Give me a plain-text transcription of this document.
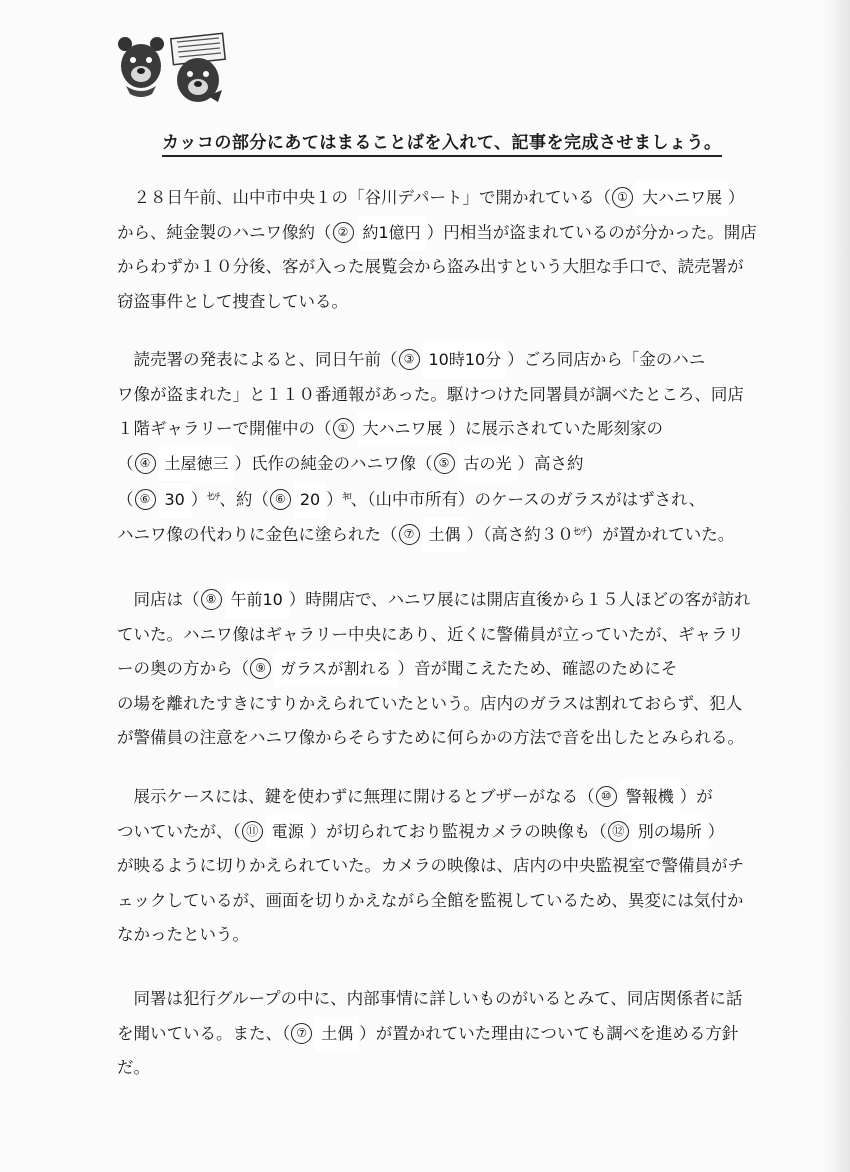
カッコの部分にあてはまることばを入れて、記事を完成させましょう。
　２８日午前、山中市中央１の「谷川デパート」で開かれている（ ① 大ハニワ展 ）
から、純金製のハニワ像約（ ② 約1億円 ）円相当が盗まれているのが分かった。開店
からわずか１０分後、客が入った展覧会から盗み出すという大胆な手口で、読売署が
窃盗事件として捜査している。
　読売署の発表によると、同日午前（ ③ 10時10分 ）ごろ同店から「金のハニ
ワ像が盗まれた」と１１０番通報があった。駆けつけた同署員が調べたところ、同店
１階ギャラリーで開催中の（ ① 大ハニワ展 ）に展示されていた彫刻家の
（ ④ 土屋徳三 ）氏作の純金のハニワ像（ ⑤ 古の光 ）高さ約
（ ⑥ 30 ）$^{ｾﾝﾁ}$、約（ ⑥ 20 ）$^{ｷﾛ}$、（山中市所有）のケースのガラスがはずされ、
ハニワ像の代わりに金色に塗られた（ ⑦ 土偶 ）（高さ約$30^{ｾﾝﾁ}$）が置かれていた。
　同店は（ ⑧ 午前10 ）時開店で、ハニワ展には開店直後から１５人ほどの客が訪れ
ていた。ハニワ像はギャラリー中央にあり、近くに警備員が立っていたが、ギャラリ
ーの奥の方から（ ⑨ ガラスが割れる ）音が聞こえたため、確認のためにそ
の場を離れたすきにすりかえられていたという。店内のガラスは割れておらず、犯人
が警備員の注意をハニワ像からそらすために何らかの方法で音を出したとみられる。
　展示ケースには、鍵を使わずに無理に開けるとブザーがなる（ ⑩ 警報機 ）が
ついていたが、（ ⑪ 電源 ）が切られており監視カメラの映像も（ ⑫ 別の場所 ）
が映るように切りかえられていた。カメラの映像は、店内の中央監視室で警備員がチ
ェックしているが、画面を切りかえながら全館を監視しているため、異変には気付か
なかったという。
　同署は犯行グループの中に、内部事情に詳しいものがいるとみて、同店関係者に話
を聞いている。また、（ ⑦ 土偶 ）が置かれていた理由についても調べを進める方針
だ。
